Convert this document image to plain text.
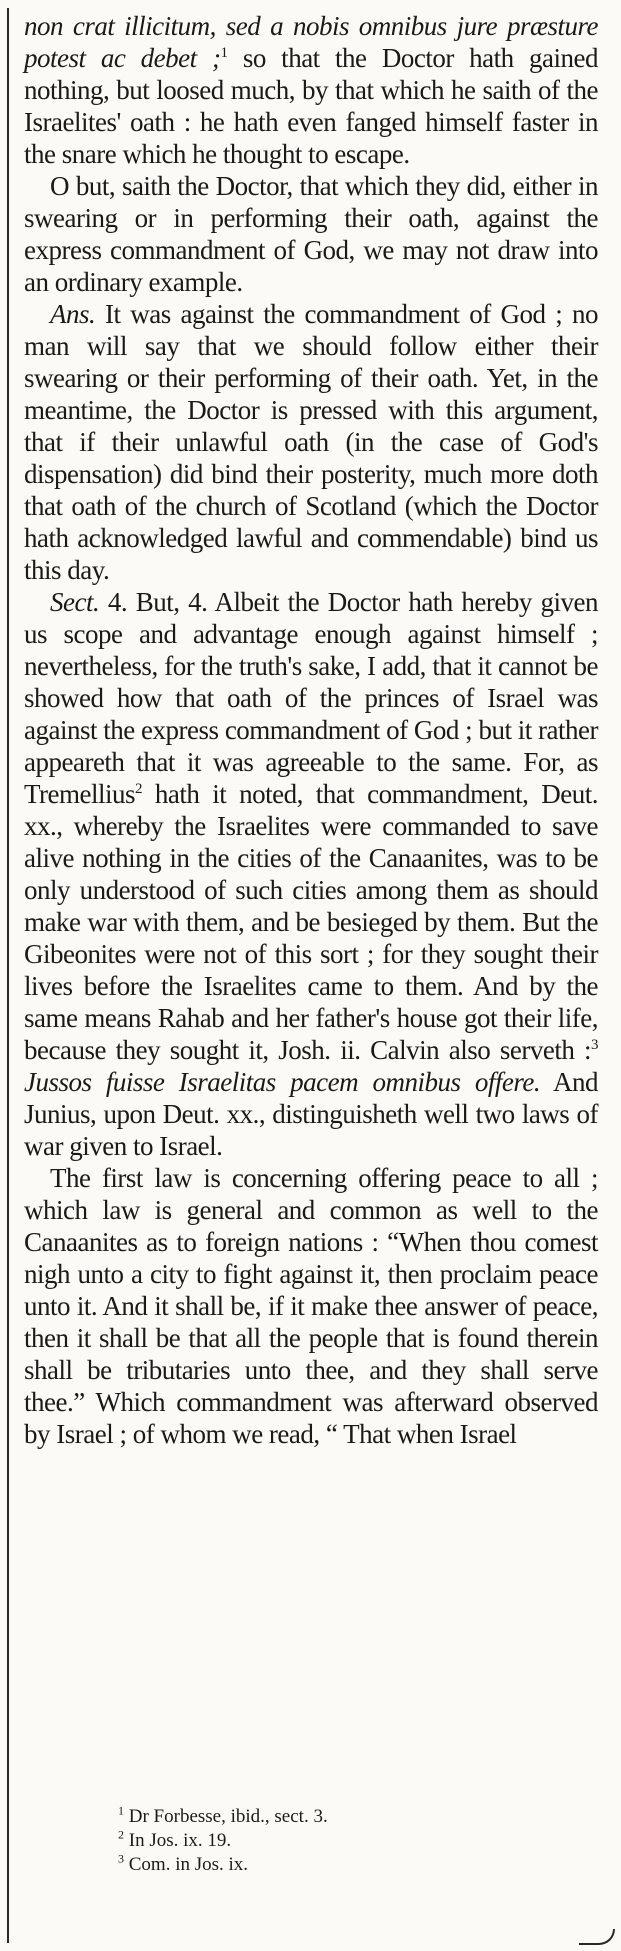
non crat illicitum, sed a nobis omnibus jure præsture potest ac debet ;$^1$ so that the Doctor hath gained nothing, but loosed much, by that which he saith of the Israelites' oath : he hath even fanged himself faster in the snare which he thought to escape.

O but, saith the Doctor, that which they did, either in swearing or in performing their oath, against the express commandment of God, we may not draw into an ordinary example.

Ans. It was against the commandment of God ; no man will say that we should follow either their swearing or their performing of their oath. Yet, in the meantime, the Doctor is pressed with this argument, that if their unlawful oath (in the case of God's dispensation) did bind their posterity, much more doth that oath of the church of Scotland (which the Doctor hath acknowledged lawful and commendable) bind us this day.

Sect. 4. But, 4. Albeit the Doctor hath hereby given us scope and advantage enough against himself ; nevertheless, for the truth's sake, I add, that it cannot be showed how that oath of the princes of Israel was against the express commandment of God ; but it rather appeareth that it was agreeable to the same. For, as Tremellius$^2$ hath it noted, that commandment, Deut. xx., whereby the Israelites were commanded to save alive nothing in the cities of the Canaanites, was to be only understood of such cities among them as should make war with them, and be besieged by them. But the Gibeonites were not of this sort ; for they sought their lives before the Israelites came to them. And by the same means Rahab and her father's house got their life, because they sought it, Josh. ii. Calvin also serveth :$^3$ Jussos fuisse Israelitas pacem omnibus offere. And Junius, upon Deut. xx., distinguisheth well two laws of war given to Israel.

The first law is concerning offering peace to all ; which law is general and common as well to the Canaanites as to foreign nations : “When thou comest nigh unto a city to fight against it, then proclaim peace unto it. And it shall be, if it make thee answer of peace, then it shall be that all the people that is found therein shall be tributaries unto thee, and they shall serve thee.” Which commandment was afterward observed by Israel ; of whom we read, “ That when Israel

$^1$ Dr Forbesse, ibid., sect. 3.
$^2$ In Jos. ix. 19.
$^3$ Com. in Jos. ix.
